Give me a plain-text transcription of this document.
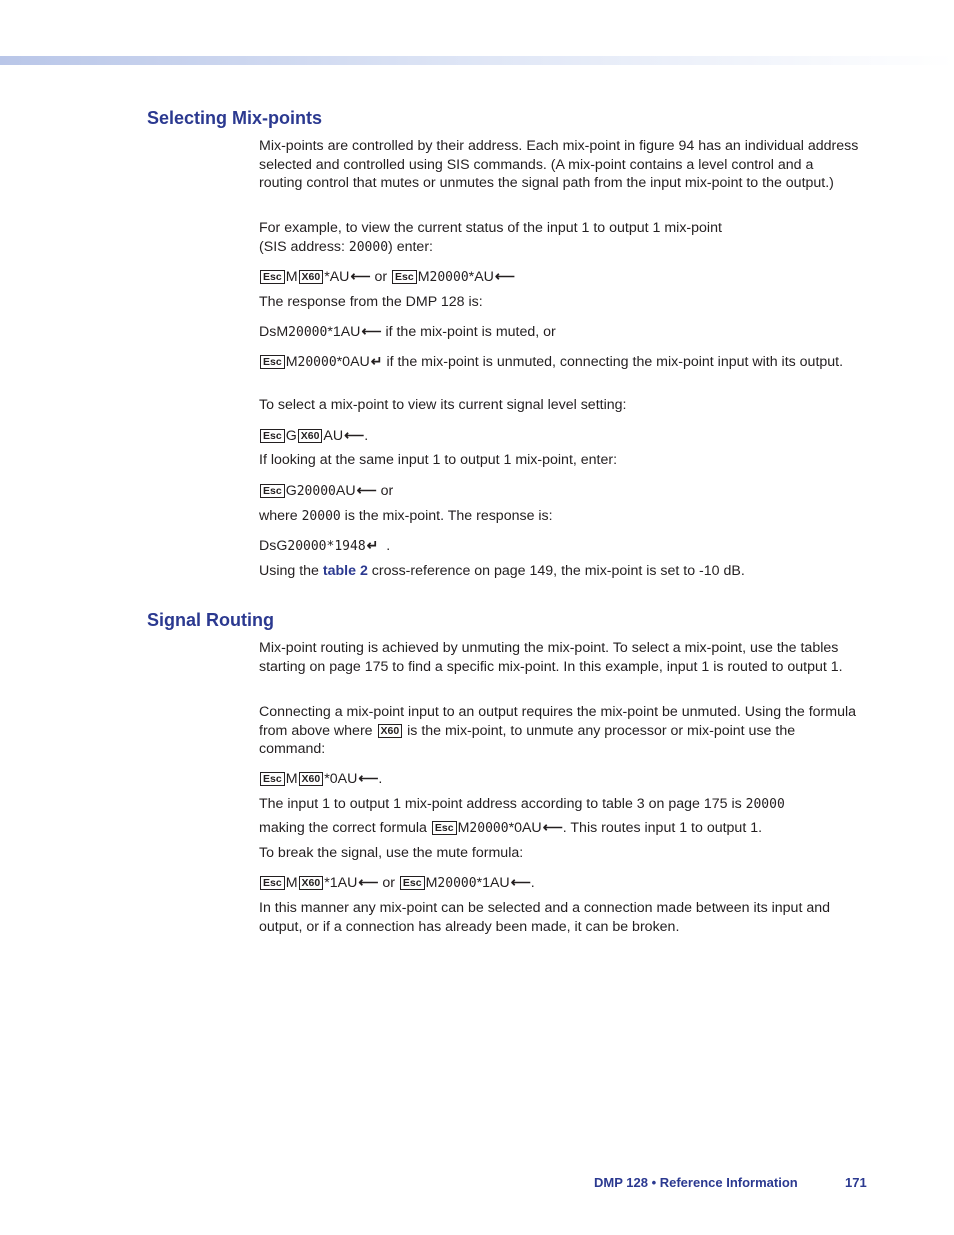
Selecting Mix-points

Mix-points are controlled by their address. Each mix-point in figure 94 has an individual address selected and controlled using SIS commands. (A mix-point contains a level control and a routing control that mutes or unmutes the signal path from the input mix-point to the output.)

For example, to view the current status of the input 1 to output 1 mix-point
(SIS address: 20000) enter:

Esc M X60 *AU⟵ or Esc M20000*AU⟵

The response from the DMP 128 is:

DsM20000*1AU⟵ if the mix-point is muted, or

Esc M20000*0AU↵ if the mix-point is unmuted, connecting the mix-point input with its output.

To select a mix-point to view its current signal level setting:

Esc G X60 AU⟵.

If looking at the same input 1 to output 1 mix-point, enter:

Esc G20000AU⟵ or

where 20000 is the mix-point. The response is:

DsG20000*1948↵ .

Using the table 2 cross-reference on page 149, the mix-point is set to -10 dB.

Signal Routing

Mix-point routing is achieved by unmuting the mix-point. To select a mix-point, use the tables starting on page 175 to find a specific mix-point. In this example, input 1 is routed to output 1.

Connecting a mix-point input to an output requires the mix-point be unmuted. Using the formula from above where X60 is the mix-point, to unmute any processor or mix-point use the command:

Esc M X60 *0AU⟵.

The input 1 to output 1 mix-point address according to table 3 on page 175 is 20000

making the correct formula Esc M20000*0AU⟵. This routes input 1 to output 1.

To break the signal, use the mute formula:

Esc M X60 *1AU⟵ or Esc M20000*1AU⟵.

In this manner any mix-point can be selected and a connection made between its input and output, or if a connection has already been made, it can be broken.

DMP 128 • Reference Information	171
